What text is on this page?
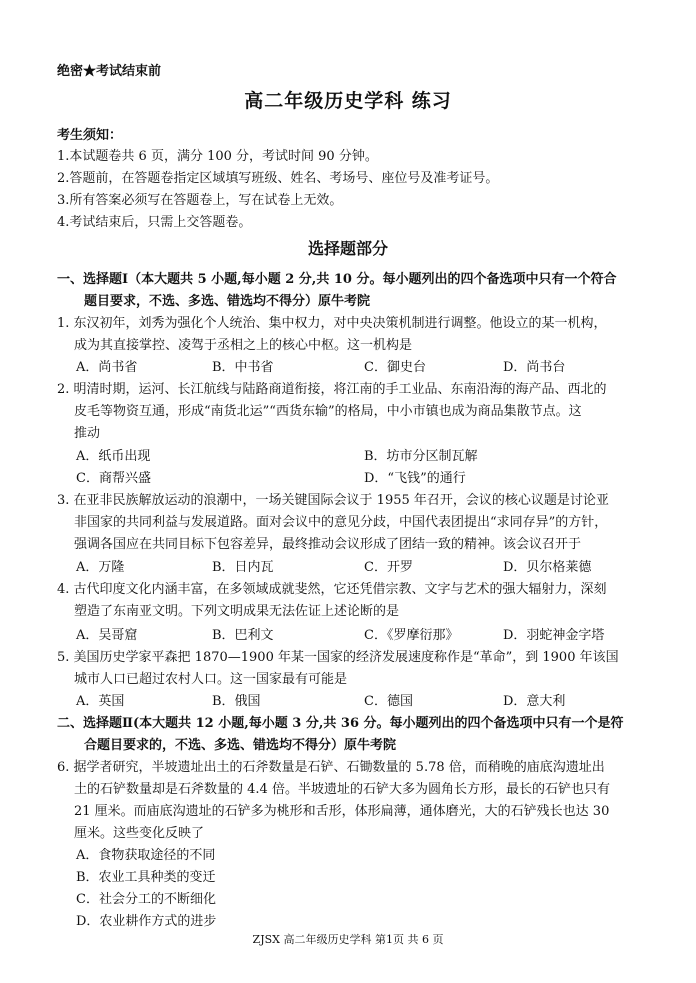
绝密★考试结束前
高二年级历史学科 练习
考生须知：
1.本试题卷共 6 页，满分 100 分，考试时间 90 分钟。
2.答题前，在答题卷指定区域填写班级、姓名、考场号、座位号及准考证号。
3.所有答案必须写在答题卷上，写在试卷上无效。
4.考试结束后，只需上交答题卷。
选择题部分
一、选择题Ⅰ（本大题共 5 小题,每小题 2 分,共 10 分。每小题列出的四个备选项中只有一个符合
题目要求，不选、多选、错选均不得分）原牛考院
1. 东汉初年，刘秀为强化个人统治、集中权力，对中央决策机制进行调整。他设立的某一机构，
成为其直接掌控、凌驾于丞相之上的核心中枢。这一机构是
A．尚书省	B．中书省	C．御史台	D．尚书台
2. 明清时期，运河、长江航线与陆路商道衔接，将江南的手工业品、东南沿海的海产品、西北的
皮毛等物资互通，形成“南货北运”“西货东输”的格局，中小市镇也成为商品集散节点。这
推动
A．纸币出现	B．坊市分区制瓦解
C．商帮兴盛	D．“飞钱”的通行
3. 在亚非民族解放运动的浪潮中，一场关键国际会议于 1955 年召开，会议的核心议题是讨论亚
非国家的共同利益与发展道路。面对会议中的意见分歧，中国代表团提出“求同存异”的方针，
强调各国应在共同目标下包容差异，最终推动会议形成了团结一致的精神。该会议召开于
A．万隆	B．日内瓦	C．开罗	D．贝尔格莱德
4. 古代印度文化内涵丰富，在多领域成就斐然，它还凭借宗教、文字与艺术的强大辐射力，深刻
塑造了东南亚文明。下列文明成果无法佐证上述论断的是
A．吴哥窟	B．巴利文	C．《罗摩衍那》	D．羽蛇神金字塔
5. 美国历史学家平森把 1870—1900 年某一国家的经济发展速度称作是“革命”，到 1900 年该国
城市人口已超过农村人口。这一国家最有可能是
A．英国	B．俄国	C．德国	D．意大利
二、选择题Ⅱ(本大题共 12 小题,每小题 3 分,共 36 分。每小题列出的四个备选项中只有一个是符
合题目要求的，不选、多选、错选均不得分）原牛考院
6. 据学者研究，半坡遗址出土的石斧数量是石铲、石锄数量的 5.78 倍，而稍晚的庙底沟遗址出
土的石铲数量却是石斧数量的 4.4 倍。半坡遗址的石铲大多为圆角长方形，最长的石铲也只有
21 厘米。而庙底沟遗址的石铲多为桃形和舌形，体形扁薄，通体磨光，大的石铲残长也达 30
厘米。这些变化反映了
A．食物获取途径的不同
B．农业工具种类的变迁
C．社会分工的不断细化
D．农业耕作方式的进步
ZJSX 高二年级历史学科 第1页 共 6 页
